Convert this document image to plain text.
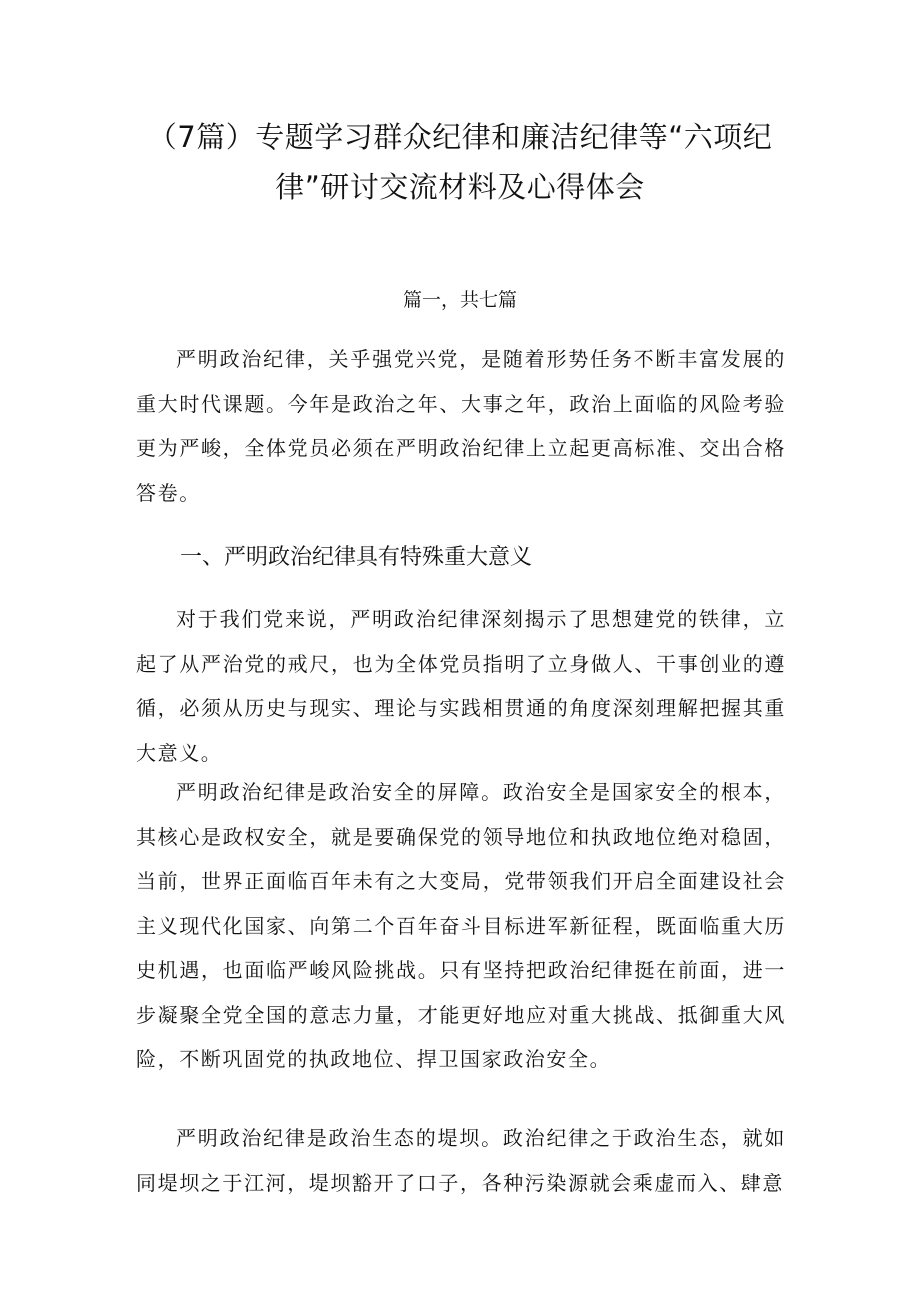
（7篇）专题学习群众纪律和廉洁纪律等“六项纪律”研讨交流材料及心得体会

篇一，共七篇

严明政治纪律，关乎强党兴党，是随着形势任务不断丰富发展的重大时代课题。今年是政治之年、大事之年，政治上面临的风险考验更为严峻，全体党员必须在严明政治纪律上立起更高标准、交出合格答卷。

一、严明政治纪律具有特殊重大意义

对于我们党来说，严明政治纪律深刻揭示了思想建党的铁律，立起了从严治党的戒尺，也为全体党员指明了立身做人、干事创业的遵循，必须从历史与现实、理论与实践相贯通的角度深刻理解把握其重大意义。

严明政治纪律是政治安全的屏障。政治安全是国家安全的根本，其核心是政权安全，就是要确保党的领导地位和执政地位绝对稳固，当前，世界正面临百年未有之大变局，党带领我们开启全面建设社会主义现代化国家、向第二个百年奋斗目标进军新征程，既面临重大历史机遇，也面临严峻风险挑战。只有坚持把政治纪律挺在前面，进一步凝聚全党全国的意志力量，才能更好地应对重大挑战、抵御重大风险，不断巩固党的执政地位、捍卫国家政治安全。

严明政治纪律是政治生态的堤坝。政治纪律之于政治生态，就如同堤坝之于江河，堤坝豁开了口子，各种污染源就会乘虚而入、肆意
